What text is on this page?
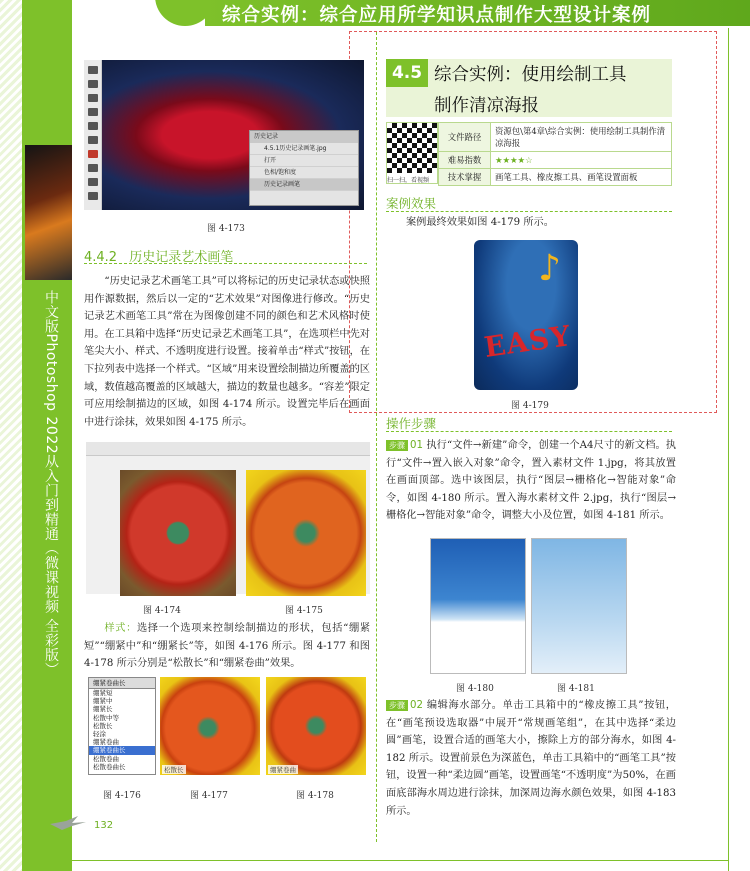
综合实例：综合应用所学知识点制作大型设计案例
中文版Photoshop 2022从入门到精通（微课视频 全彩版）
历史记录
4.5.1历史记录画笔.jpg
打开
色相/饱和度
历史记录画笔
图 4-173
4.4.2 历史记录艺术画笔
“历史记录艺术画笔工具”可以将标记的历史记录状态或快照用作源数据，然后以一定的“艺术效果”对图像进行修改。“历史记录艺术画笔工具”常在为图像创建不同的颜色和艺术风格时使用。在工具箱中选择“历史记录艺术画笔工具”，在选项栏中先对笔尖大小、样式、不透明度进行设置。接着单击“样式”按钮，在下拉列表中选择一个样式。“区域”用来设置绘制描边所覆盖的区域，数值越高覆盖的区域越大，描边的数量也越多。“容差”限定可应用绘制描边的区域，如图 4-174 所示。设置完毕后在画面中进行涂抹，效果如图 4-175 所示。
图 4-174	图 4-175
样式：选择一个选项来控制绘制描边的形状，包括“绷紧短”“绷紧中”和“绷紧长”等，如图 4-176 所示。图 4-177 和图 4-178 所示分别是“松散长”和“绷紧卷曲”效果。
绷紧卷曲长
绷紧短
绷紧中
绷紧长
松散中等
松散长
轻涂
绷紧卷曲
绷紧卷曲长
松散卷曲
松散卷曲长	松散长	绷紧卷曲
图 4-176	图 4-177	图 4-178
132
4.5 综合实例：使用绘制工具
制作清凉海报
扫一扫，看视频
文件路径	资源包\第4章\综合实例：使用绘制工具制作清凉海报
难易指数	★★★★☆
技术掌握	画笔工具、橡皮擦工具、画笔设置面板
案例效果
案例最终效果如图 4-179 所示。
♪
EASY
图 4-179
操作步骤
步骤 01 执行“文件→新建”命令，创建一个A4尺寸的新文档。执行“文件→置入嵌入对象”命令，置入素材文件 1.jpg，将其放置在画面顶部。选中该图层，执行“图层→栅格化→智能对象”命令，如图 4-180 所示。置入海水素材文件 2.jpg，执行“图层→栅格化→智能对象”命令，调整大小及位置，如图 4-181 所示。
图 4-180	图 4-181
步骤 02 编辑海水部分。单击工具箱中的“橡皮擦工具”按钮，在“画笔预设选取器”中展开“常规画笔组”，在其中选择“柔边圆”画笔，设置合适的画笔大小，擦除上方的部分海水，如图 4-182 所示。设置前景色为深蓝色，单击工具箱中的“画笔工具”按钮，设置一种“柔边圆”画笔，设置画笔“不透明度”为50%，在画面底部海水周边进行涂抹，加深周边海水颜色效果，如图 4-183 所示。
